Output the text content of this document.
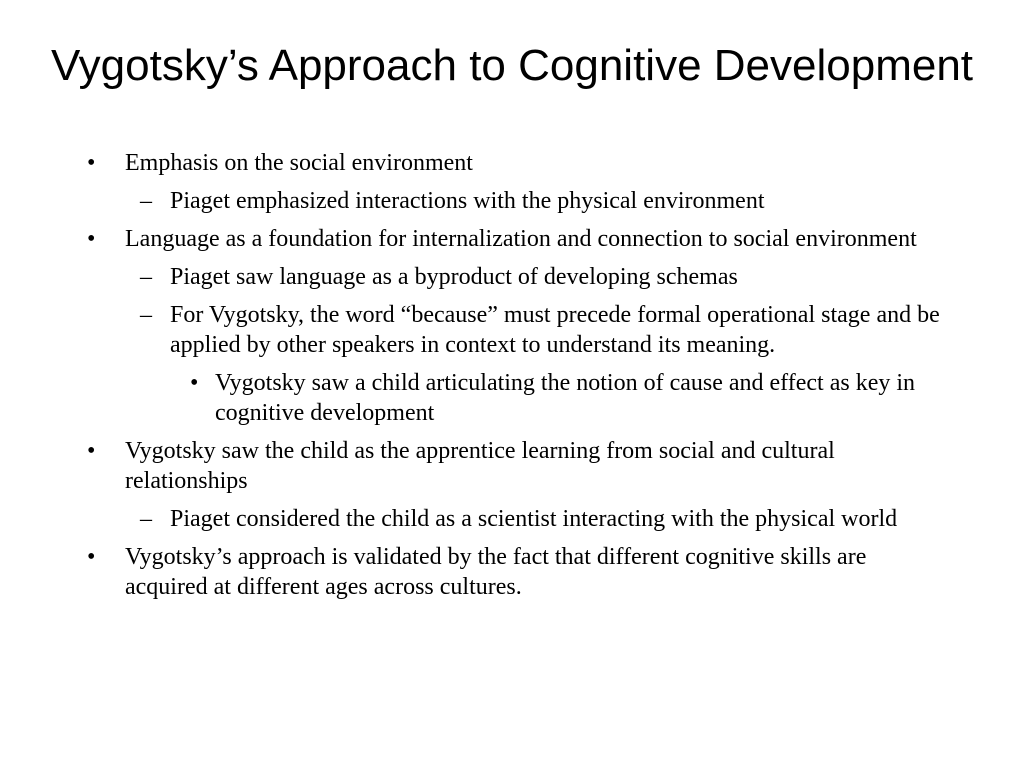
Vygotsky’s Approach to Cognitive Development
• Emphasis on the social environment
– Piaget emphasized interactions with the physical environment
• Language as a foundation for internalization and connection to social environment
– Piaget saw language as a byproduct of developing schemas
– For Vygotsky, the word “because” must precede formal operational stage and be applied by other speakers in context to understand its meaning.
• Vygotsky saw a child articulating the notion of cause and effect as key in cognitive development
• Vygotsky saw the child as the apprentice learning from social and cultural relationships
– Piaget considered the child as a scientist interacting with the physical world
• Vygotsky’s approach is validated by the fact that different cognitive skills are acquired at different ages across cultures.
